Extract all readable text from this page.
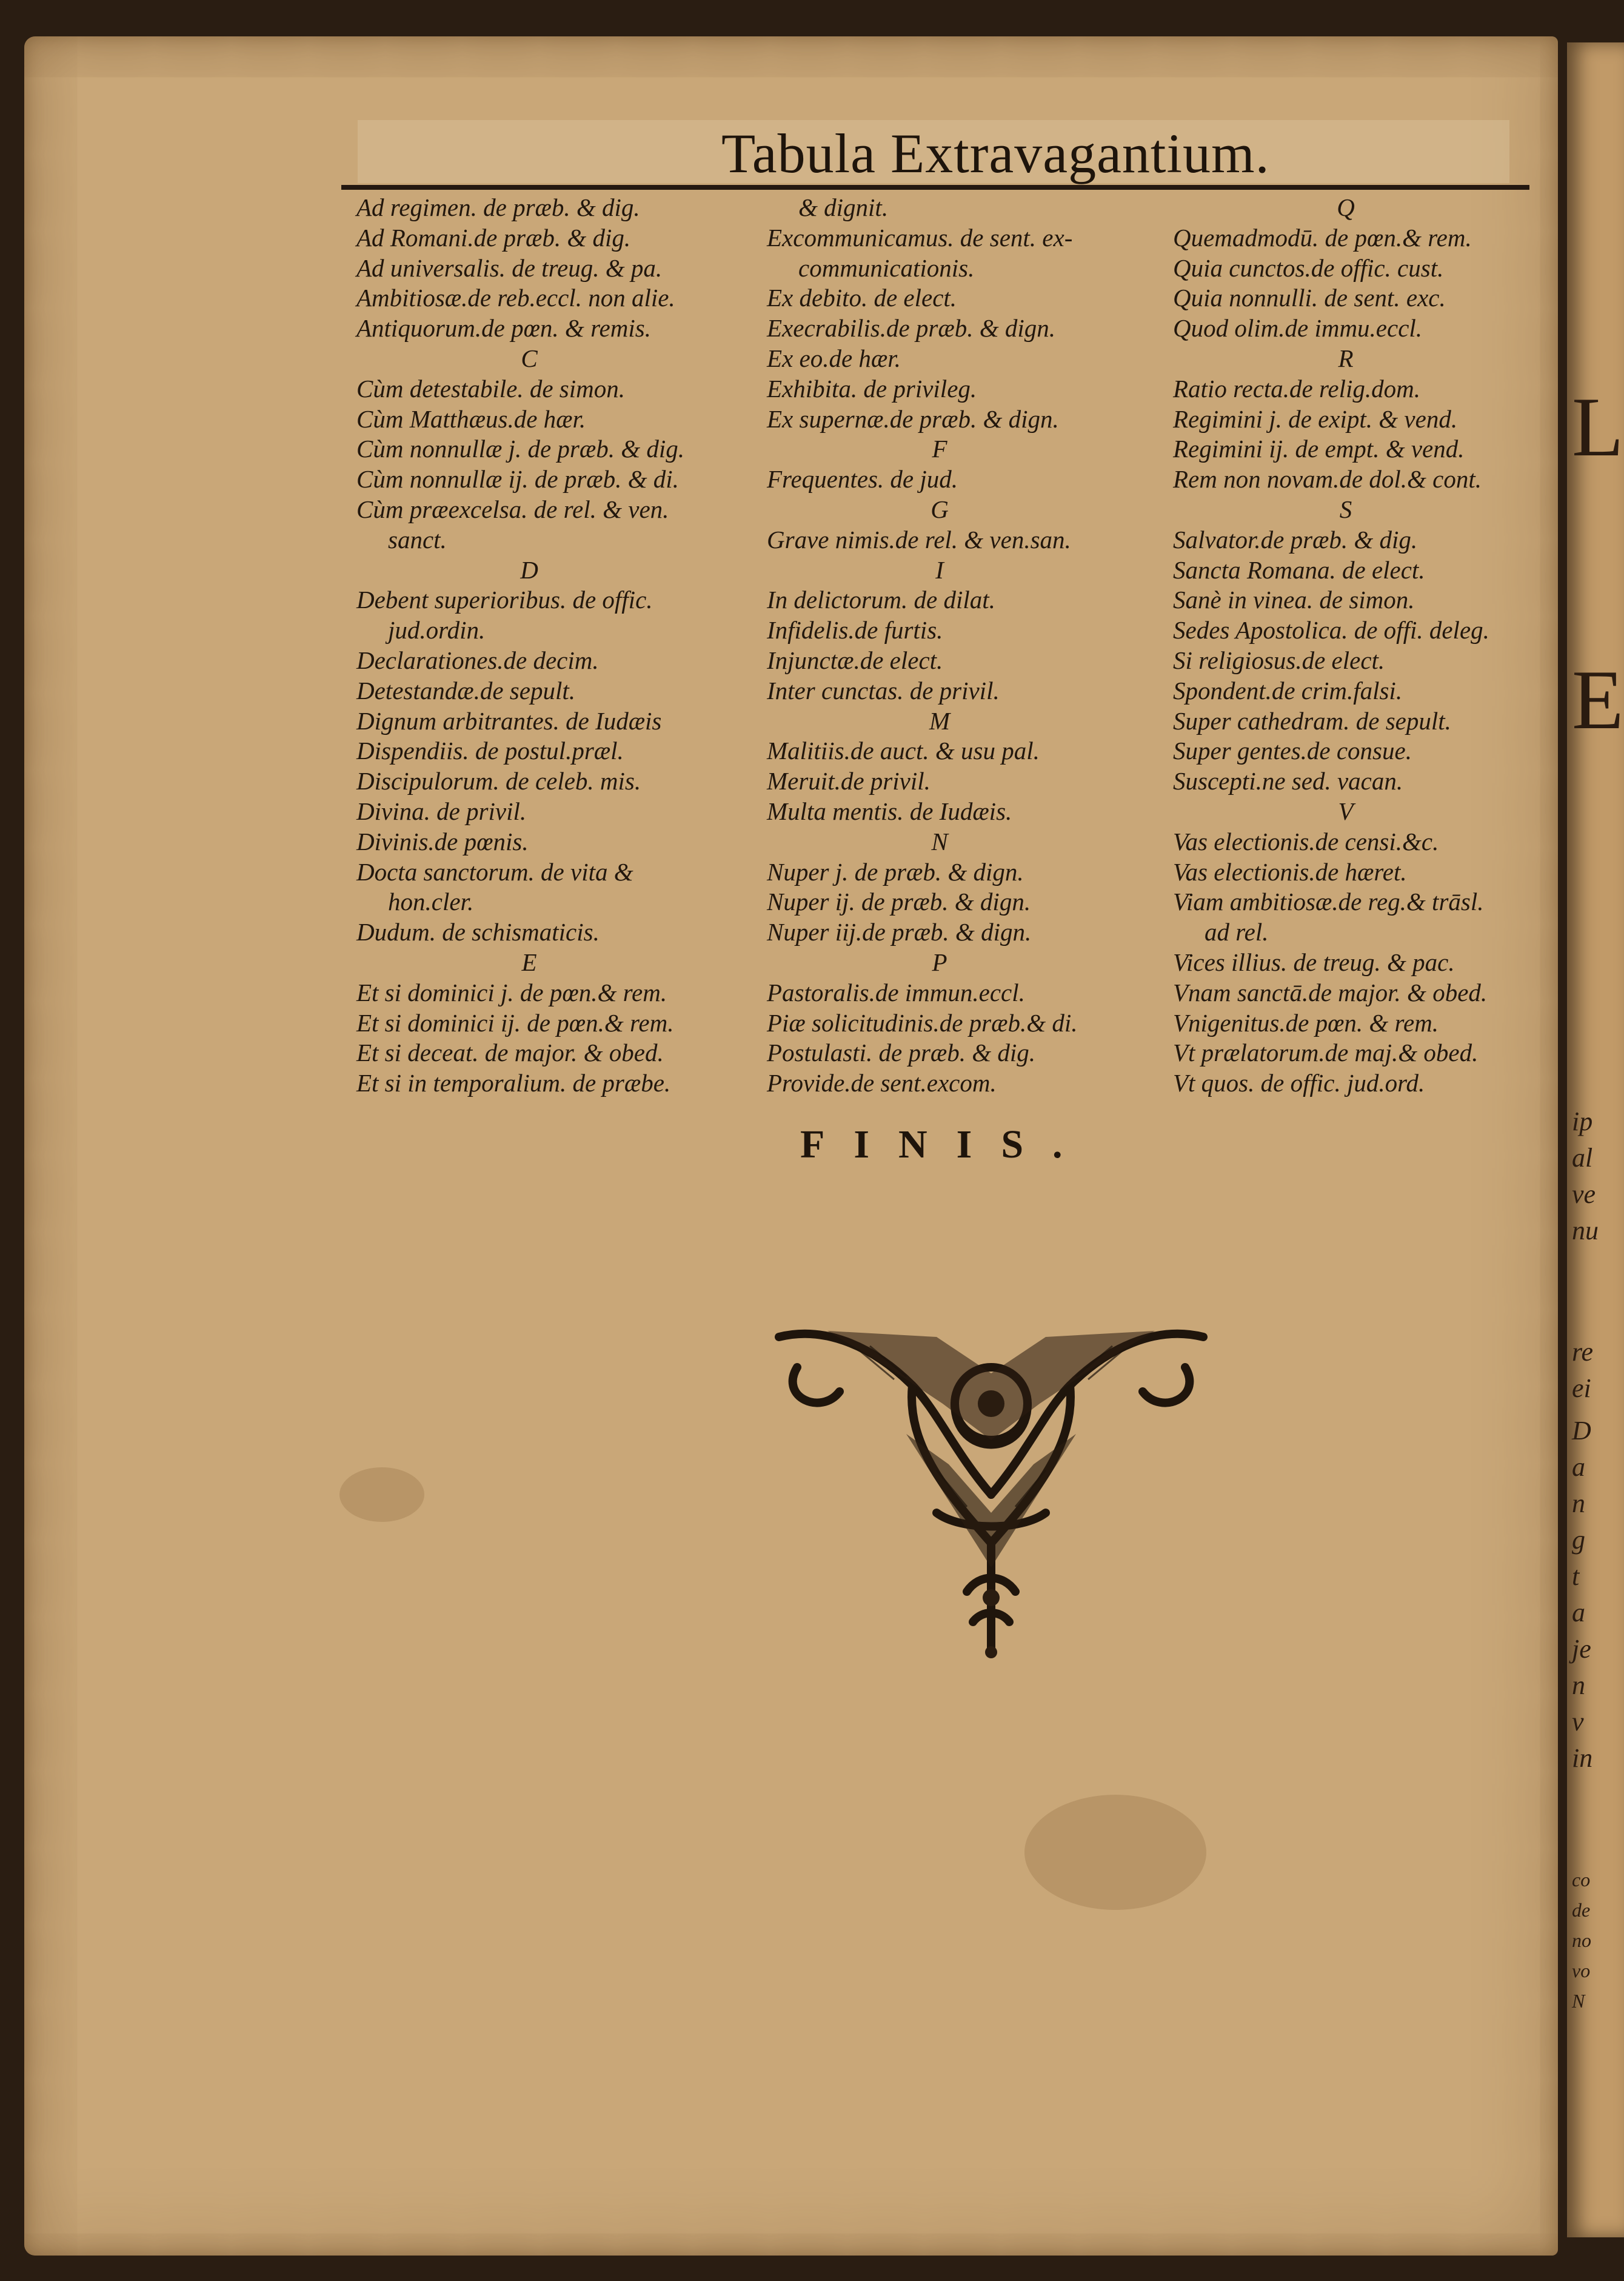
L
E
ip
al
ve
nu
re
ei
D
a
n
g
t
a
je
n
v
in
co
de
no
vo
N
Tabula Extravagantium.
Ad regimen. de præb. & dig.
Ad Romani.de præb. & dig.
Ad universalis. de treug. & pa.
Ambitiosæ.de reb.eccl. non alie.
Antiquorum.de pœn. & remis.
C
Cùm detestabile. de simon.
Cùm Matthæus.de hær.
Cùm nonnullæ j. de præb. & dig.
Cùm nonnullæ ij. de præb. & di.
Cùm præexcelsa. de rel. & ven.
sanct.
D
Debent superioribus. de offic.
jud.ordin.
Declarationes.de decim.
Detestandæ.de sepult.
Dignum arbitrantes. de Iudæis
Dispendiis. de postul.præl.
Discipulorum. de celeb. mis.
Divina. de privil.
Divinis.de pœnis.
Docta sanctorum. de vita &
hon.cler.
Dudum. de schismaticis.
E
Et si dominici j. de pœn.& rem.
Et si dominici ij. de pœn.& rem.
Et si deceat. de major. & obed.
Et si in temporalium. de præbe.
& dignit.
Excommunicamus. de sent. ex-
communicationis.
Ex debito. de elect.
Execrabilis.de præb. & dign.
Ex eo.de hær.
Exhibita. de privileg.
Ex supernæ.de præb. & dign.
F
Frequentes. de jud.
G
Grave nimis.de rel. & ven.san.
I
In delictorum. de dilat.
Infidelis.de furtis.
Injunctæ.de elect.
Inter cunctas. de privil.
M
Malitiis.de auct. & usu pal.
Meruit.de privil.
Multa mentis. de Iudæis.
N
Nuper j. de præb. & dign.
Nuper ij. de præb. & dign.
Nuper iij.de præb. & dign.
P
Pastoralis.de immun.eccl.
Piæ solicitudinis.de præb.& di.
Postulasti. de præb. & dig.
Provide.de sent.excom.
Q
Quemadmodū. de pœn.& rem.
Quia cunctos.de offic. cust.
Quia nonnulli. de sent. exc.
Quod olim.de immu.eccl.
R
Ratio recta.de relig.dom.
Regimini j. de exipt. & vend.
Regimini ij. de empt. & vend.
Rem non novam.de dol.& cont.
S
Salvator.de præb. & dig.
Sancta Romana. de elect.
Sanè in vinea. de simon.
Sedes Apostolica. de offi. deleg.
Si religiosus.de elect.
Spondent.de crim.falsi.
Super cathedram. de sepult.
Super gentes.de consue.
Suscepti.ne sed. vacan.
V
Vas electionis.de censi.&c.
Vas electionis.de hæret.
Viam ambitiosæ.de reg.& trāsl.
ad rel.
Vices illius. de treug. & pac.
Vnam sanctā.de major. & obed.
Vnigenitus.de pœn. & rem.
Vt prælatorum.de maj.& obed.
Vt quos. de offic. jud.ord.
FINIS.
